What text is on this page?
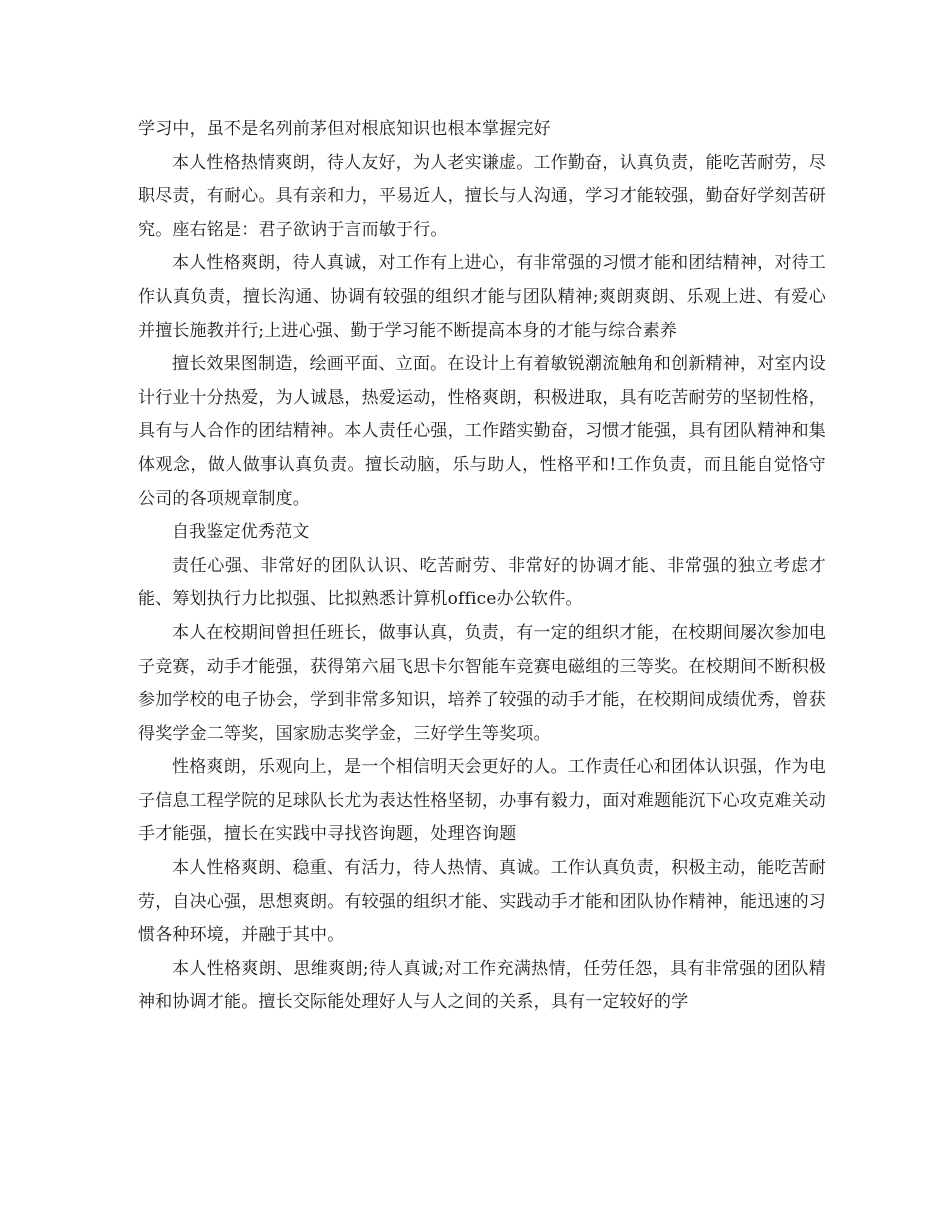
学习中，虽不是名列前茅但对根底知识也根本掌握完好

本人性格热情爽朗，待人友好，为人老实谦虚。工作勤奋，认真负责，能吃苦耐劳，尽职尽责，有耐心。具有亲和力，平易近人，擅长与人沟通，学习才能较强，勤奋好学刻苦研究。座右铭是：君子欲讷于言而敏于行。

本人性格爽朗，待人真诚，对工作有上进心，有非常强的习惯才能和团结精神，对待工作认真负责，擅长沟通、协调有较强的组织才能与团队精神;爽朗爽朗、乐观上进、有爱心并擅长施教并行;上进心强、勤于学习能不断提高本身的才能与综合素养

擅长效果图制造，绘画平面、立面。在设计上有着敏锐潮流触角和创新精神，对室内设计行业十分热爱，为人诚恳，热爱运动，性格爽朗，积极进取，具有吃苦耐劳的坚韧性格，具有与人合作的团结精神。本人责任心强，工作踏实勤奋，习惯才能强，具有团队精神和集体观念，做人做事认真负责。擅长动脑，乐与助人，性格平和!工作负责，而且能自觉恪守公司的各项规章制度。

自我鉴定优秀范文

责任心强、非常好的团队认识、吃苦耐劳、非常好的协调才能、非常强的独立考虑才能、筹划执行力比拟强、比拟熟悉计算机office办公软件。

本人在校期间曾担任班长，做事认真，负责，有一定的组织才能，在校期间屡次参加电子竞赛，动手才能强，获得第六届飞思卡尔智能车竞赛电磁组的三等奖。在校期间不断积极参加学校的电子协会，学到非常多知识，培养了较强的动手才能，在校期间成绩优秀，曾获得奖学金二等奖，国家励志奖学金，三好学生等奖项。

性格爽朗，乐观向上，是一个相信明天会更好的人。工作责任心和团体认识强，作为电子信息工程学院的足球队长尤为表达性格坚韧，办事有毅力，面对难题能沉下心攻克难关动手才能强，擅长在实践中寻找咨询题，处理咨询题

本人性格爽朗、稳重、有活力，待人热情、真诚。工作认真负责，积极主动，能吃苦耐劳，自决心强，思想爽朗。有较强的组织才能、实践动手才能和团队协作精神，能迅速的习惯各种环境，并融于其中。

本人性格爽朗、思维爽朗;待人真诚;对工作充满热情，任劳任怨，具有非常强的团队精神和协调才能。擅长交际能处理好人与人之间的关系，具有一定较好的学
